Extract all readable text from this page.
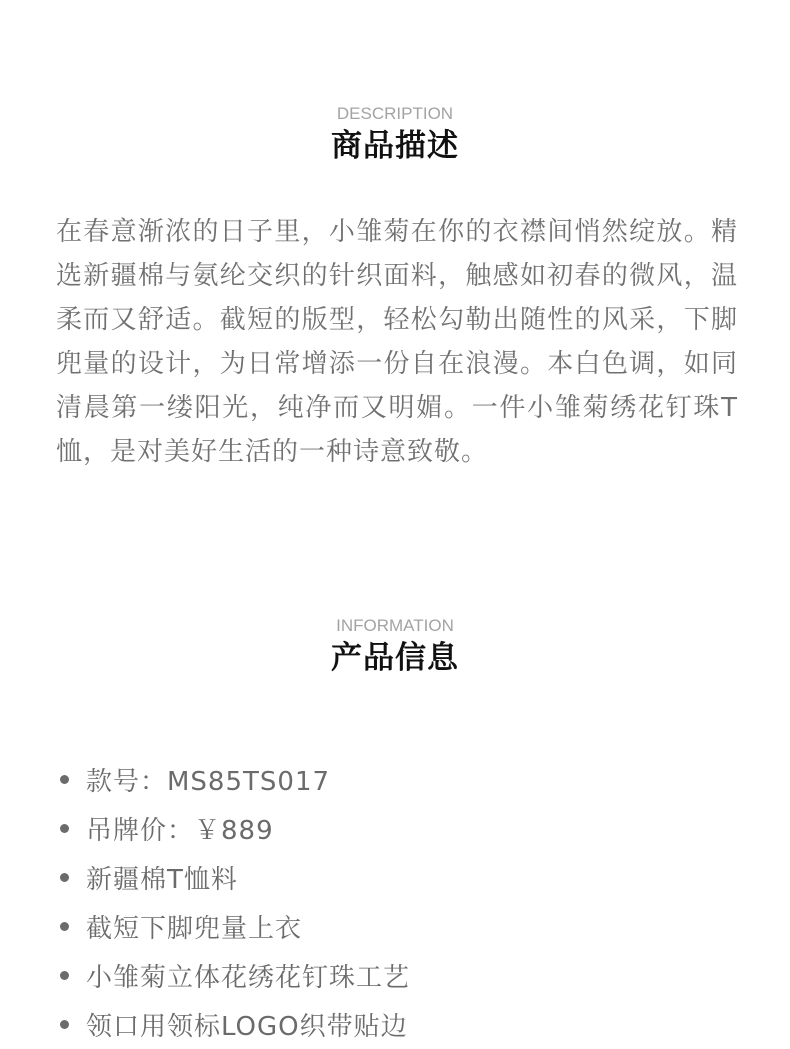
DESCRIPTION
商品描述
在春意渐浓的日子里，小雏菊在你的衣襟间悄然绽放。精选新疆棉与氨纶交织的针织面料，触感如初春的微风，温柔而又舒适。截短的版型，轻松勾勒出随性的风采，下脚兜量的设计，为日常增添一份自在浪漫。本白色调，如同清晨第一缕阳光，纯净而又明媚。一件小雏菊绣花钉珠T恤，是对美好生活的一种诗意致敬。
INFORMATION
产品信息
款号：MS85TS017
吊牌价：￥889
新疆棉T恤料
截短下脚兜量上衣
小雏菊立体花绣花钉珠工艺
领口用领标LOGO织带贴边
